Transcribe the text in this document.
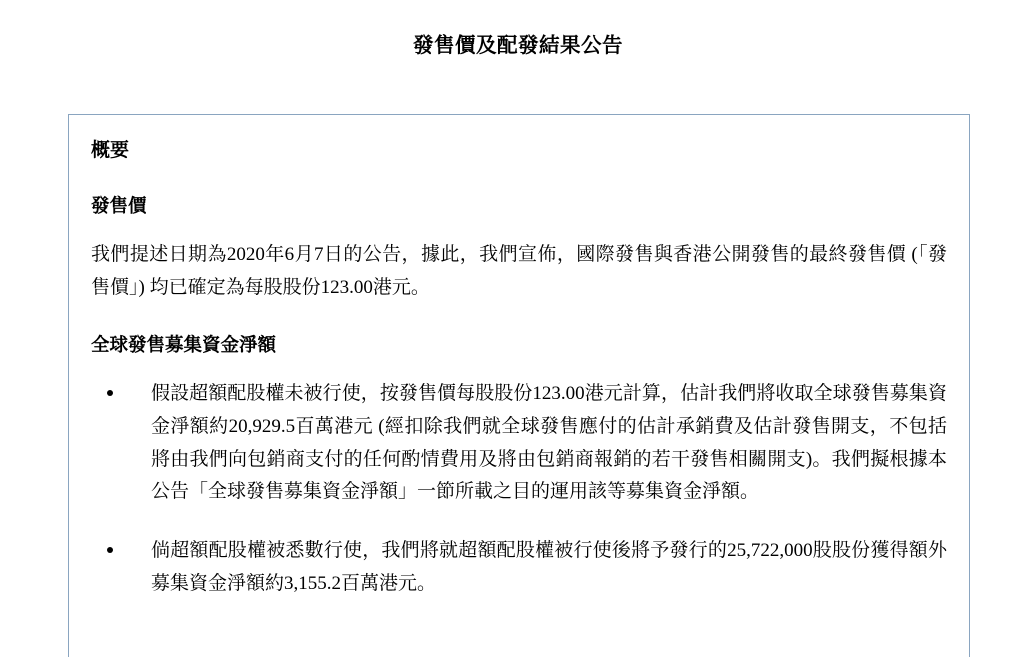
發售價及配發結果公告
概要
發售價

我們提述日期為2020年6月7日的公告，據此，我們宣佈，國際發售與香港公開發售的最終發售價 (「發售價」) 均已確定為每股股份123.00港元。

全球發售募集資金淨額
假設超額配股權未被行使，按發售價每股股份123.00港元計算，估計我們將收取全球發售募集資金淨額約20,929.5百萬港元 (經扣除我們就全球發售應付的估計承銷費及估計發售開支，不包括將由我們向包銷商支付的任何酌情費用及將由包銷商報銷的若干發售相關開支)。我們擬根據本公告「全球發售募集資金淨額」一節所載之目的運用該等募集資金淨額。
倘超額配股權被悉數行使，我們將就超額配股權被行使後將予發行的25,722,000股股份獲得額外募集資金淨額約3,155.2百萬港元。
